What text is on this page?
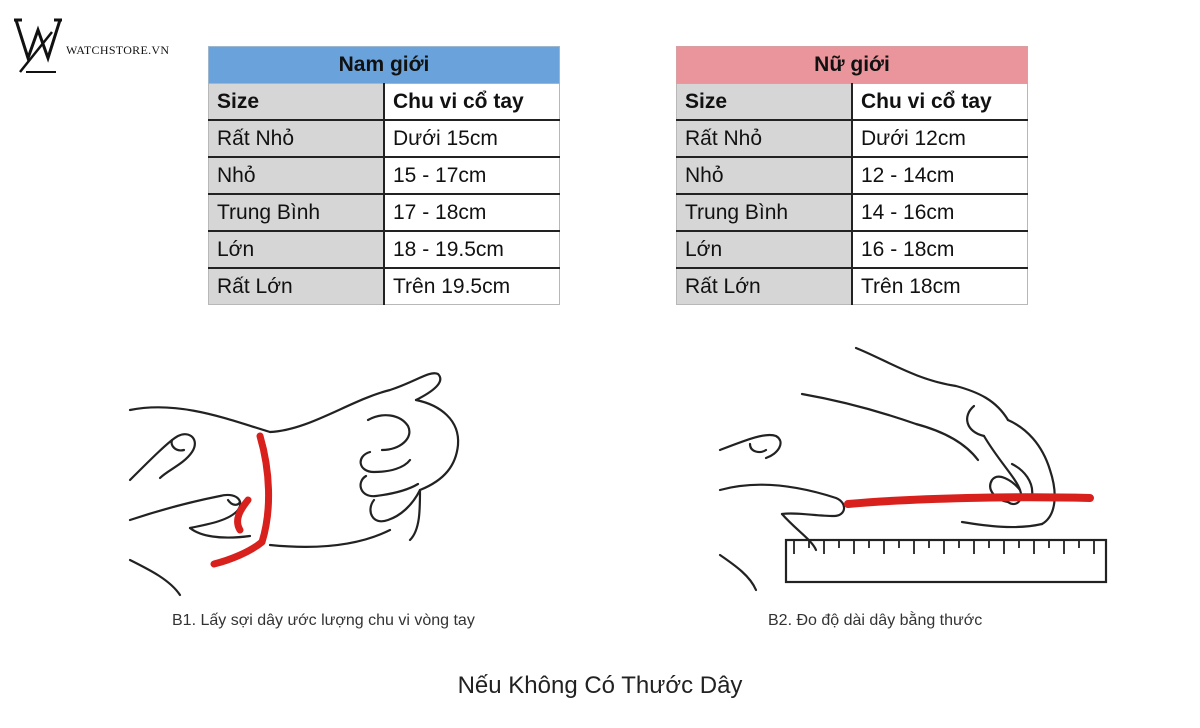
WATCHSTORE.VN
Nam giới	
Size	Chu vi cổ tay
Rất Nhỏ	Dưới 15cm
Nhỏ	15 - 17cm
Trung Bình	17 - 18cm
Lớn	18 - 19.5cm
Rất Lớn	Trên 19.5cm
Nữ giới	
Size	Chu vi cổ tay
Rất Nhỏ	Dưới 12cm
Nhỏ	12 - 14cm
Trung Bình	14 - 16cm
Lớn	16 - 18cm
Rất Lớn	Trên 18cm
B1. Lấy sợi dây ước lượng chu vi vòng tay	B2. Đo độ dài dây bằng thước
Nếu Không Có Thước Dây
